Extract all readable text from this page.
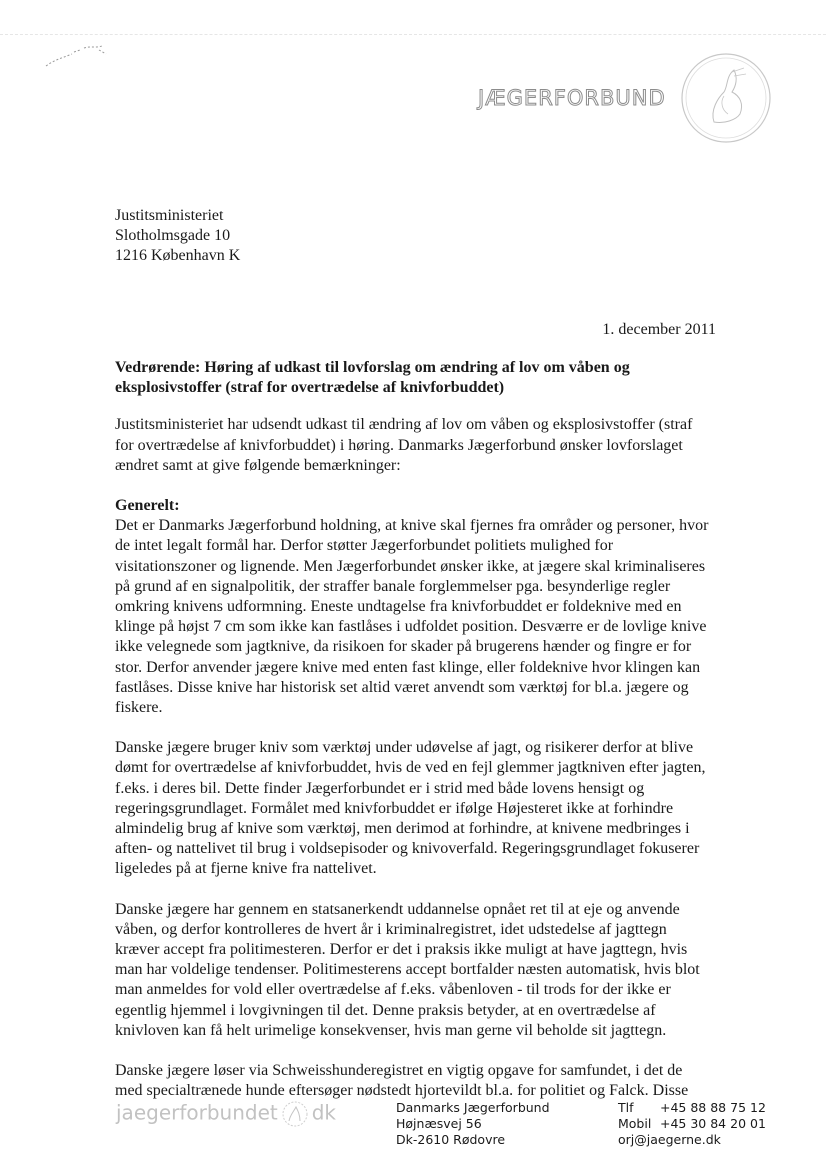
JÆGERFORBUND
Justitsministeriet
Slotholmsgade 10
1216 København K
1. december 2011

Vedrørende: Høring af udkast til lovforslag om ændring af lov om våben og eksplosivstoffer (straf for overtrædelse af knivforbuddet)

Justitsministeriet har udsendt udkast til ændring af lov om våben og eksplosivstoffer (straf for overtrædelse af knivforbuddet) i høring. Danmarks Jægerforbund ønsker lovforslaget ændret samt at give følgende bemærkninger:

Generelt:
Det er Danmarks Jægerforbund holdning, at knive skal fjernes fra områder og personer, hvor de intet legalt formål har. Derfor støtter Jægerforbundet politiets mulighed for visitationszoner og lignende. Men Jægerforbundet ønsker ikke, at jægere skal kriminaliseres på grund af en signalpolitik, der straffer banale forglemmelser pga. besynderlige regler omkring knivens udformning. Eneste undtagelse fra knivforbuddet er foldeknive med en klinge på højst 7 cm som ikke kan fastlåses i udfoldet position. Desværre er de lovlige knive ikke velegnede som jagtknive, da risikoen for skader på brugerens hænder og fingre er for stor. Derfor anvender jægere knive med enten fast klinge, eller foldeknive hvor klingen kan fastlåses. Disse knive har historisk set altid været anvendt som værktøj for bl.a. jægere og fiskere.

Danske jægere bruger kniv som værktøj under udøvelse af jagt, og risikerer derfor at blive dømt for overtrædelse af knivforbuddet, hvis de ved en fejl glemmer jagtkniven efter jagten, f.eks. i deres bil. Dette finder Jægerforbundet er i strid med både lovens hensigt og regeringsgrundlaget. Formålet med knivforbuddet er ifølge Højesteret ikke at forhindre almindelig brug af knive som værktøj, men derimod at forhindre, at knivene medbringes i aften- og nattelivet til brug i voldsepisoder og knivoverfald. Regeringsgrundlaget fokuserer ligeledes på at fjerne knive fra nattelivet.

Danske jægere har gennem en statsanerkendt uddannelse opnået ret til at eje og anvende våben, og derfor kontrolleres de hvert år i kriminalregistret, idet udstedelse af jagttegn kræver accept fra politimesteren. Derfor er det i praksis ikke muligt at have jagttegn, hvis man har voldelige tendenser. Politimesterens accept bortfalder næsten automatisk, hvis blot man anmeldes for vold eller overtrædelse af f.eks. våbenloven - til trods for der ikke er egentlig hjemmel i lovgivningen til det. Denne praksis betyder, at en overtrædelse af knivloven kan få helt urimelige konsekvenser, hvis man gerne vil beholde sit jagttegn.

Danske jægere løser via Schweisshunderegistret en vigtig opgave for samfundet, i det de med specialtrænede hunde eftersøger nødstedt hjortevildt bl.a. for politiet og Falck. Disse

jaegerforbundet dk	Danmarks Jægerforbund
Højnæsvej 56
Dk-2610 Rødovre
Tlf +45 88 88 75 12
Mobil +45 30 84 20 01
orj@jaegerne.dk
